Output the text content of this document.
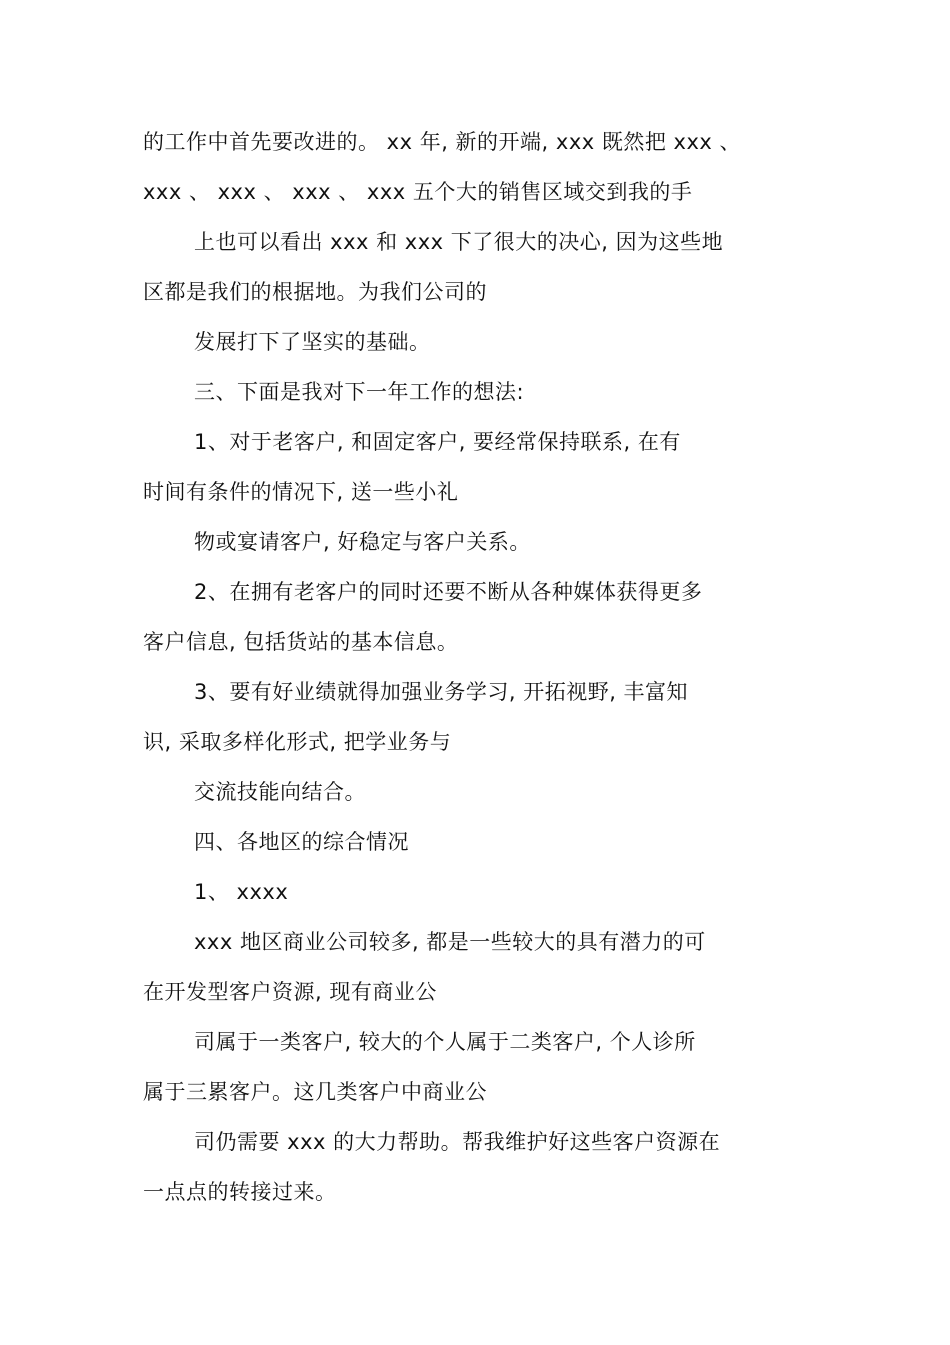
的工作中首先要改进的。 xx 年, 新的开端, xxx 既然把 xxx 、
xxx 、 xxx 、 xxx 、 xxx 五个大的销售区域交到我的手
上也可以看出 xxx 和 xxx 下了很大的决心, 因为这些地
区都是我们的根据地。为我们公司的
发展打下了坚实的基础。
三、下面是我对下一年工作的想法:
1、对于老客户, 和固定客户, 要经常保持联系, 在有
时间有条件的情况下, 送一些小礼
物或宴请客户, 好稳定与客户关系。
2、在拥有老客户的同时还要不断从各种媒体获得更多
客户信息, 包括货站的基本信息。
3、要有好业绩就得加强业务学习, 开拓视野, 丰富知
识, 采取多样化形式, 把学业务与
交流技能向结合。
四、各地区的综合情况
1、 xxxx
xxx 地区商业公司较多, 都是一些较大的具有潜力的可
在开发型客户资源, 现有商业公
司属于一类客户, 较大的个人属于二类客户, 个人诊所
属于三累客户。这几类客户中商业公
司仍需要 xxx 的大力帮助。帮我维护好这些客户资源在
一点点的转接过来。
